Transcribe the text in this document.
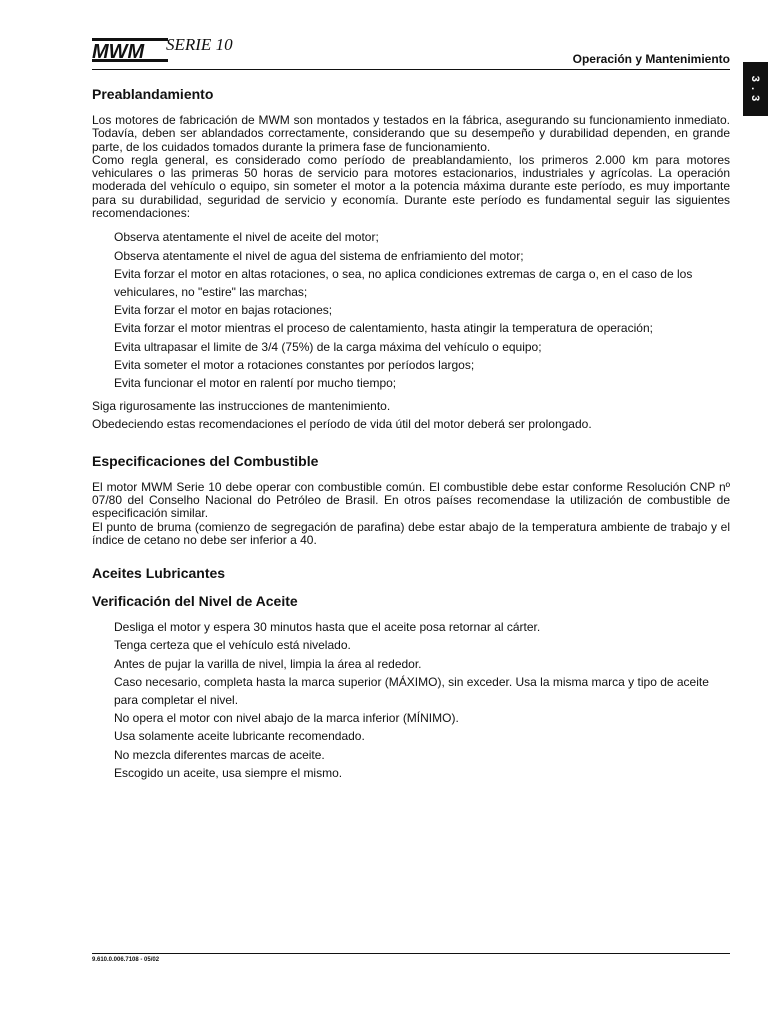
MWM SERIE 10
Operación y Mantenimiento
3 . 3
Preablandamiento

Los motores de fabricación de MWM son montados y testados en la fábrica, asegurando su funcionamiento inmediato. Todavía, deben ser ablandados correctamente, considerando que su desempeño y durabilidad dependen, en grande parte, de los cuidados tomados durante la primera fase de funcionamiento.

Como regla general, es considerado como período de preablandamiento, los primeros 2.000 km para motores vehiculares o las primeras 50 horas de servicio para motores estacionarios, industriales y agrícolas. La operación moderada del vehículo o equipo, sin someter el motor a la potencia máxima durante este período, es muy importante para su durabilidad, seguridad de servicio y economía. Durante este período es fundamental seguir las siguientes recomendaciones:

Observa atentamente el nivel de aceite del motor;
Observa atentamente el nivel de agua del sistema de enfriamiento del motor;
Evita forzar el motor en altas rotaciones, o sea, no aplica condiciones extremas de carga o, en el caso de los vehiculares, no "estire" las marchas;
Evita forzar el motor en bajas rotaciones;
Evita forzar el motor mientras el proceso de calentamiento, hasta atingir la temperatura de operación;
Evita ultrapasar el limite de 3/4 (75%) de la carga máxima del vehículo o equipo;
Evita someter el motor a rotaciones constantes por períodos largos;
Evita funcionar el motor en ralentí por mucho tiempo;
Siga rigurosamente las instrucciones de mantenimiento.
Obedeciendo estas recomendaciones el período de vida útil del motor deberá ser prolongado.
Especificaciones del Combustible

El motor MWM Serie 10 debe operar con combustible común. El combustible debe estar conforme Resolución CNP nº 07/80 del Conselho Nacional do Petróleo de Brasil. En otros países recomendase la utilización de combustible de especificación similar.

El punto de bruma (comienzo de segregación de parafina) debe estar abajo de la temperatura ambiente de trabajo y el índice de cetano no debe ser inferior a 40.

Aceites Lubricantes
Verificación del Nivel de Aceite
Desliga el motor y espera 30 minutos hasta que el aceite posa retornar al cárter.
Tenga certeza que el vehículo está nivelado.
Antes de pujar la varilla de nivel, limpia la área al rededor.
Caso necesario, completa hasta la marca superior (MÁXIMO), sin exceder. Usa la misma marca y tipo de aceite para completar el nivel.
No opera el motor con nivel abajo de la marca inferior (MÍNIMO).
Usa solamente aceite lubricante recomendado.
No mezcla diferentes marcas de aceite.
Escogido un aceite, usa siempre el mismo.
9.610.0.006.7108 - 05/02
